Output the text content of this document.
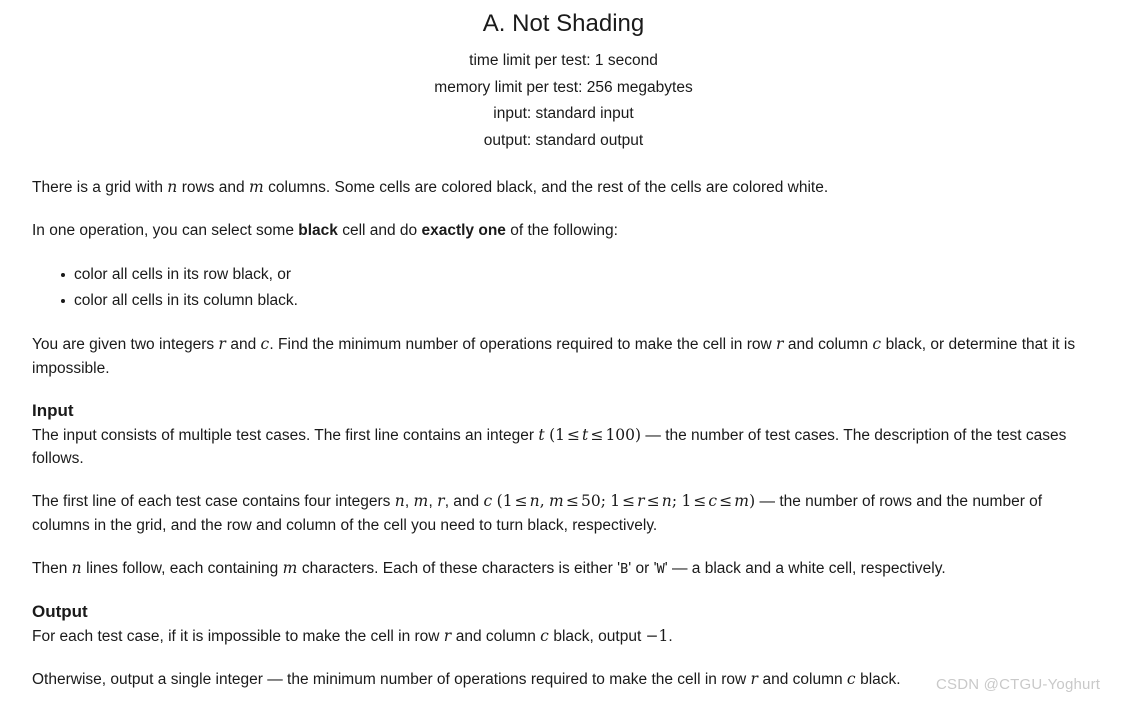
A. Not Shading
time limit per test: 1 second
memory limit per test: 256 megabytes
input: standard input
output: standard output

There is a grid with n rows and m columns. Some cells are colored black, and the rest of the cells are colored white.

In one operation, you can select some black cell and do exactly one of the following:

color all cells in its row black, or
color all cells in its column black.

You are given two integers r and c. Find the minimum number of operations required to make the cell in row r and column c black, or determine that it is impossible.

Input

The input consists of multiple test cases. The first line contains an integer t (1 ≤ t ≤ 100) — the number of test cases. The description of the test cases follows.

The first line of each test case contains four integers n, m, r, and c (1 ≤ n, m ≤ 50; 1 ≤ r ≤ n; 1 ≤ c ≤ m) — the number of rows and the number of columns in the grid, and the row and column of the cell you need to turn black, respectively.

Then n lines follow, each containing m characters. Each of these characters is either 'B' or 'W' — a black and a white cell, respectively.

Output

For each test case, if it is impossible to make the cell in row r and column c black, output −1.

Otherwise, output a single integer — the minimum number of operations required to make the cell in row r and column c black.	CSDN @CTGU-Yoghurt
